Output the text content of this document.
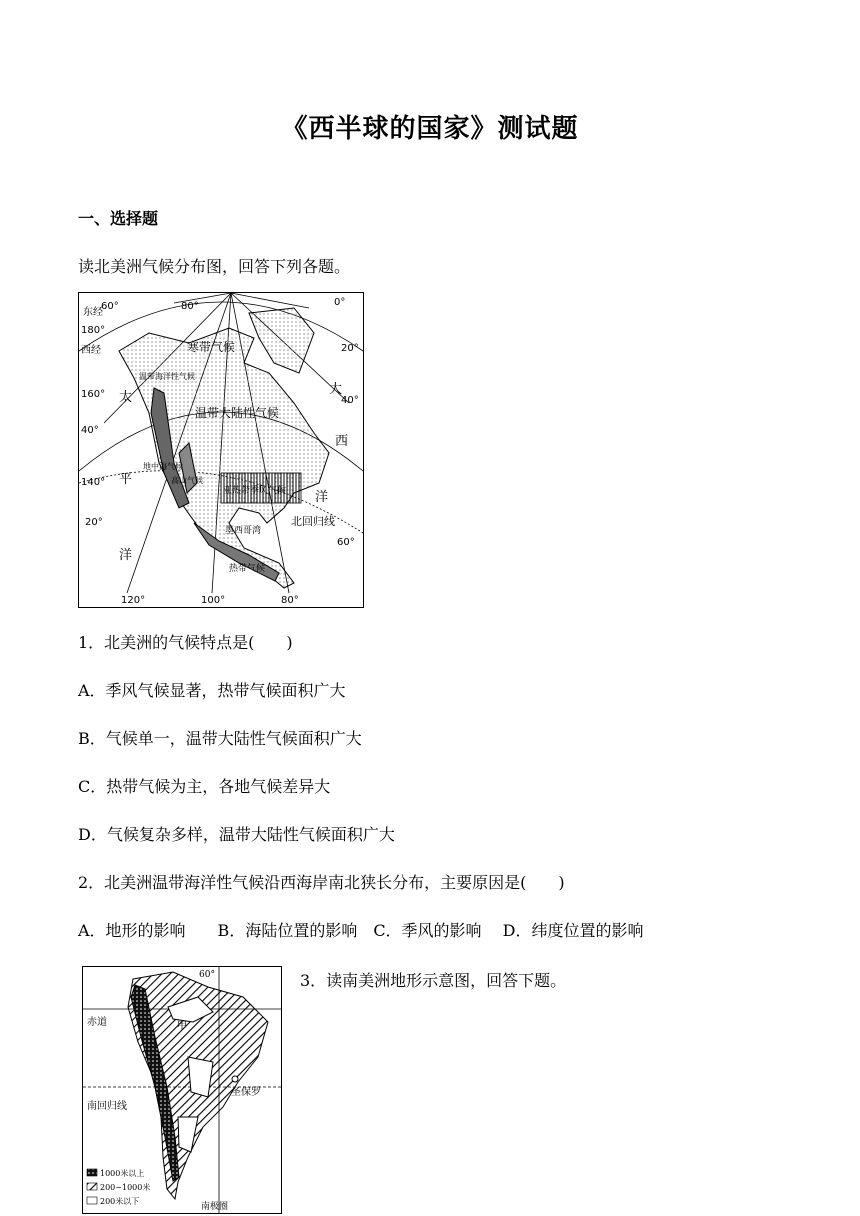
《西半球的国家》测试题
一、选择题
读北美洲气候分布图，回答下列各题。
东经
180°
西经
60°	80°	0°
20°
40°
60°
160°
140°
120°	100°	80°
40°
20°
太
平
洋
大
西
洋
寒带气候
温带大陆性气候
温带海洋性气候
地中海气候
高山气候
亚热带季风气候
热带气候
墨西哥湾
北回归线
1．北美洲的气候特点是(　　)
A．季风气候显著，热带气候面积广大
B．气候单一，温带大陆性气候面积广大
C．热带气候为主，各地气候差异大
D．气候复杂多样，温带大陆性气候面积广大
2．北美洲温带海洋性气候沿西海岸南北狭长分布，主要原因是(　　)
A．地形的影响　　B．海陆位置的影响　C．季风的影响　 D．纬度位置的影响
60°
赤道	甲
南回归线
圣保罗
南极圈
1000米以上
200~1000米
200米以下
3．读南美洲地形示意图，回答下题。
